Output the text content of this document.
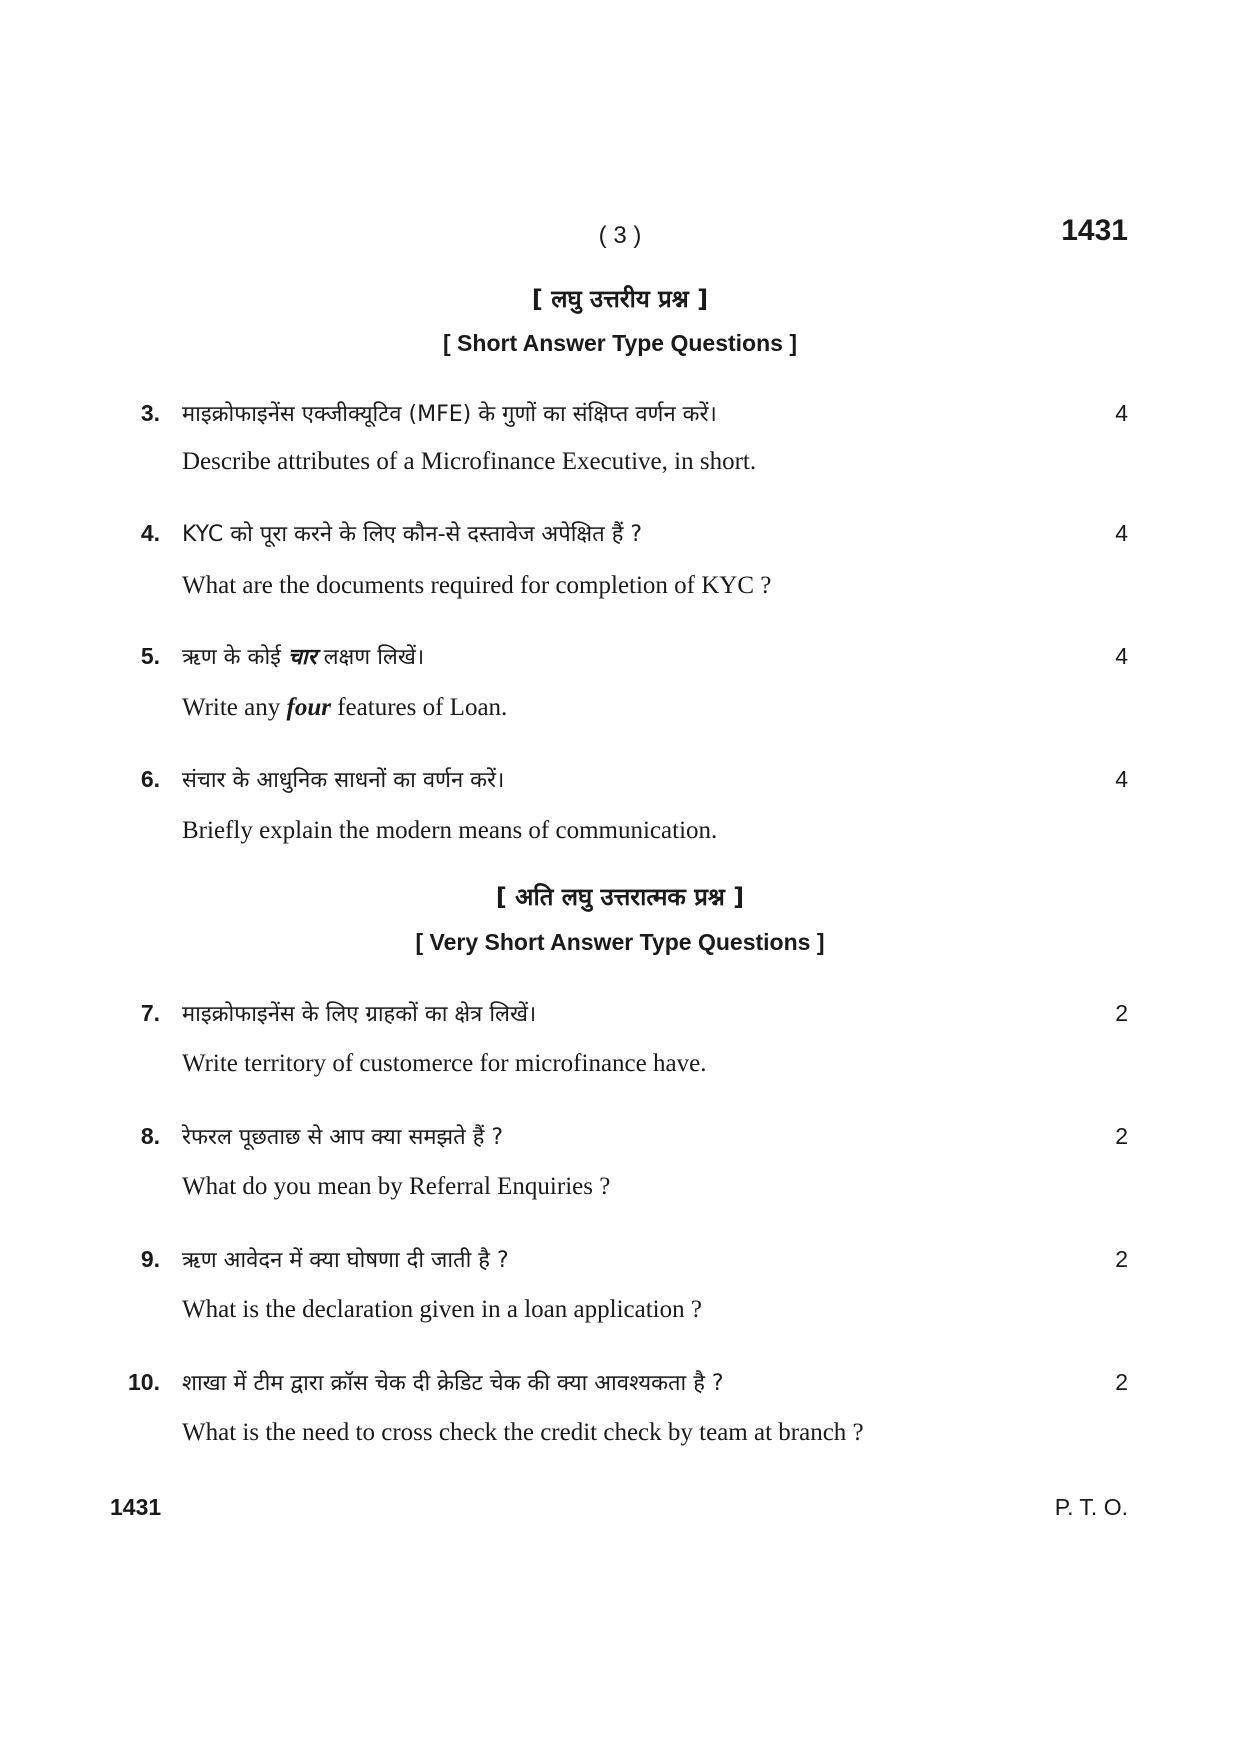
( 3 )	1431
[ लघु उत्तरीय प्रश्न ]
[ Short Answer Type Questions ]
3. माइक्रोफाइनेंस एक्जीक्यूटिव (MFE) के गुणों का संक्षिप्त वर्णन करें।	4
Describe attributes of a Microfinance Executive, in short.
4. KYC को पूरा करने के लिए कौन-से दस्तावेज अपेक्षित हैं ?	4
What are the documents required for completion of KYC ?
5. ऋण के कोई चार लक्षण लिखें।	4
Write any four features of Loan.
6. संचार के आधुनिक साधनों का वर्णन करें।	4
Briefly explain the modern means of communication.
[ अति लघु उत्तरात्मक प्रश्न ]
[ Very Short Answer Type Questions ]
7. माइक्रोफाइनेंस के लिए ग्राहकों का क्षेत्र लिखें।	2
Write territory of customerce for microfinance have.
8. रेफरल पूछताछ से आप क्या समझते हैं ?	2
What do you mean by Referral Enquiries ?
9. ऋण आवेदन में क्या घोषणा दी जाती है ?	2
What is the declaration given in a loan application ?
10. शाखा में टीम द्वारा क्रॉस चेक दी क्रेडिट चेक की क्या आवश्यकता है ?	2
What is the need to cross check the credit check by team at branch ?
1431	P. T. O.
